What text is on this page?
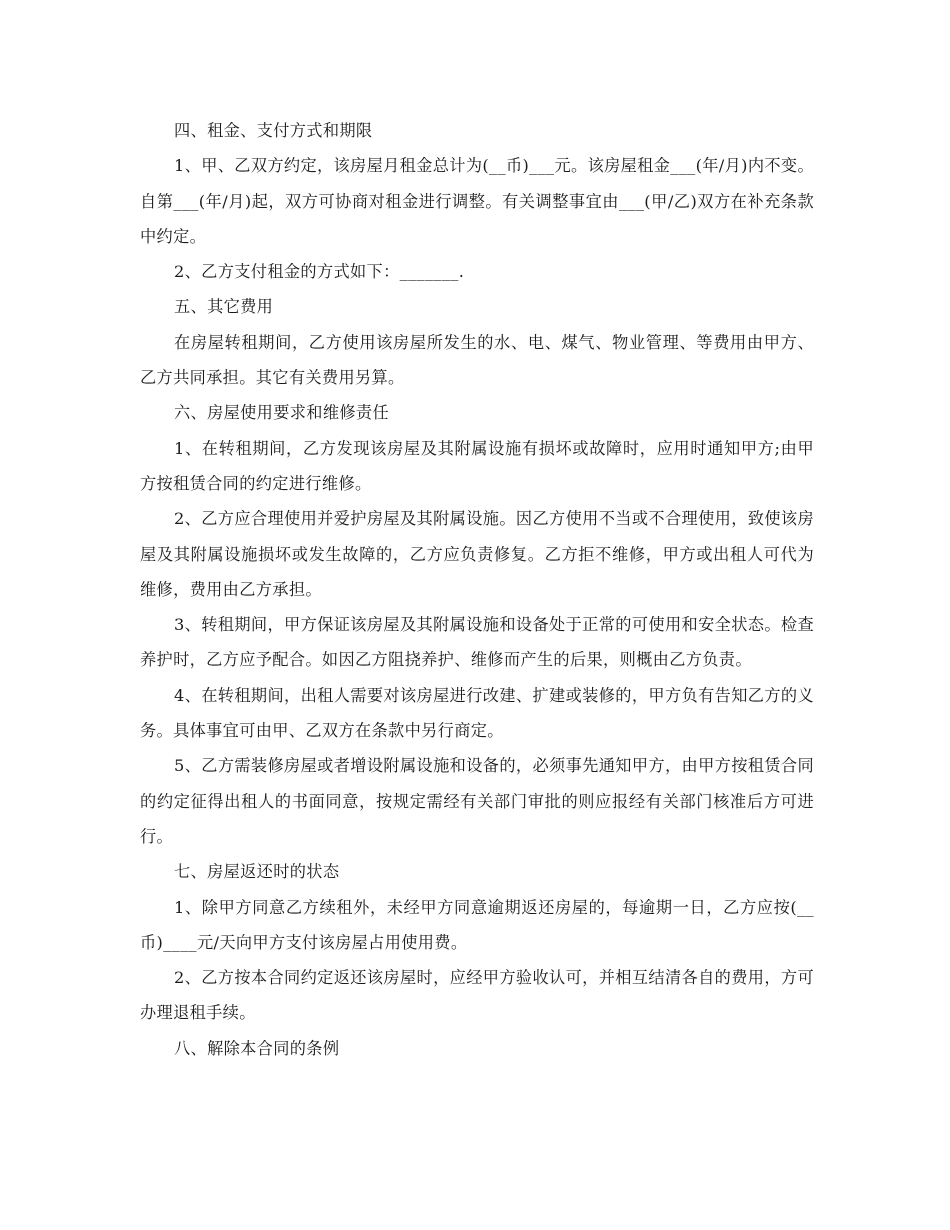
四、租金、支付方式和期限

1、甲、乙双方约定，该房屋月租金总计为(__币)___元。该房屋租金___(年/月)内不变。自第___(年/月)起，双方可协商对租金进行调整。有关调整事宜由___(甲/乙)双方在补充条款中约定。

2、乙方支付租金的方式如下：_______.

五、其它费用

在房屋转租期间，乙方使用该房屋所发生的水、电、煤气、物业管理、等费用由甲方、乙方共同承担。其它有关费用另算。

六、房屋使用要求和维修责任

1、在转租期间，乙方发现该房屋及其附属设施有损坏或故障时，应用时通知甲方;由甲方按租赁合同的约定进行维修。

2、乙方应合理使用并爱护房屋及其附属设施。因乙方使用不当或不合理使用，致使该房屋及其附属设施损坏或发生故障的，乙方应负责修复。乙方拒不维修，甲方或出租人可代为维修，费用由乙方承担。

3、转租期间，甲方保证该房屋及其附属设施和设备处于正常的可使用和安全状态。检查养护时，乙方应予配合。如因乙方阻挠养护、维修而产生的后果，则概由乙方负责。

4、在转租期间，出租人需要对该房屋进行改建、扩建或装修的，甲方负有告知乙方的义务。具体事宜可由甲、乙双方在条款中另行商定。

5、乙方需装修房屋或者增设附属设施和设备的，必须事先通知甲方，由甲方按租赁合同的约定征得出租人的书面同意，按规定需经有关部门审批的则应报经有关部门核准后方可进行。

七、房屋返还时的状态

1、除甲方同意乙方续租外，未经甲方同意逾期返还房屋的，每逾期一日，乙方应按(__币)____元/天向甲方支付该房屋占用使用费。

2、乙方按本合同约定返还该房屋时，应经甲方验收认可，并相互结清各自的费用，方可办理退租手续。

八、解除本合同的条例
